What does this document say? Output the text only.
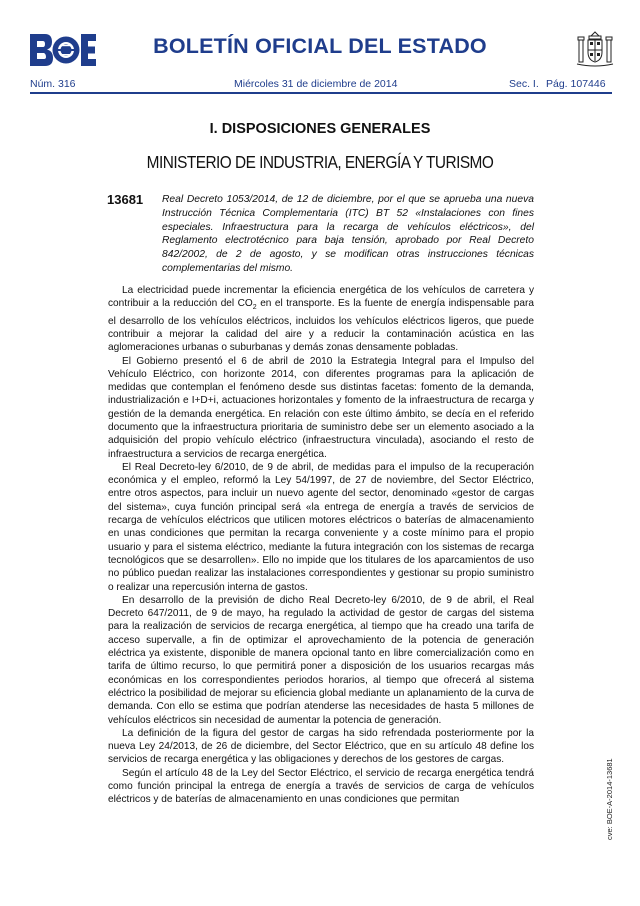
BOLETÍN OFICIAL DEL ESTADO
Núm. 316	Miércoles 31 de diciembre de 2014	Sec. I. Pág. 107446
I. DISPOSICIONES GENERALES
MINISTERIO DE INDUSTRIA, ENERGÍA Y TURISMO
13681 Real Decreto 1053/2014, de 12 de diciembre, por el que se aprueba una nueva Instrucción Técnica Complementaria (ITC) BT 52 «Instalaciones con fines especiales. Infraestructura para la recarga de vehículos eléctricos», del Reglamento electrotécnico para baja tensión, aprobado por Real Decreto 842/2002, de 2 de agosto, y se modifican otras instrucciones técnicas complementarias del mismo.

La electricidad puede incrementar la eficiencia energética de los vehículos de carretera y contribuir a la reducción del $CO_2$ en el transporte. Es la fuente de energía indispensable para el desarrollo de los vehículos eléctricos, incluidos los vehículos eléctricos ligeros, que puede contribuir a mejorar la calidad del aire y a reducir la contaminación acústica en las aglomeraciones urbanas o suburbanas y demás zonas densamente pobladas.

El Gobierno presentó el 6 de abril de 2010 la Estrategia Integral para el Impulso del Vehículo Eléctrico, con horizonte 2014, con diferentes programas para la aplicación de medidas que contemplan el fenómeno desde sus distintas facetas: fomento de la demanda, industrialización e I+D+i, actuaciones horizontales y fomento de la infraestructura de recarga y gestión de la demanda energética. En relación con este último ámbito, se decía en el referido documento que la infraestructura prioritaria de suministro debe ser un elemento asociado a la adquisición del propio vehículo eléctrico (infraestructura vinculada), asociando el resto de infraestructura a servicios de recarga energética.

El Real Decreto-ley 6/2010, de 9 de abril, de medidas para el impulso de la recuperación económica y el empleo, reformó la Ley 54/1997, de 27 de noviembre, del Sector Eléctrico, entre otros aspectos, para incluir un nuevo agente del sector, denominado «gestor de cargas del sistema», cuya función principal será «la entrega de energía a través de servicios de recarga de vehículos eléctricos que utilicen motores eléctricos o baterías de almacenamiento en unas condiciones que permitan la recarga conveniente y a coste mínimo para el propio usuario y para el sistema eléctrico, mediante la futura integración con los sistemas de recarga tecnológicos que se desarrollen». Ello no impide que los titulares de los aparcamientos de uso no público puedan realizar las instalaciones correspondientes y gestionar su propio suministro o realizar una repercusión interna de gastos.

En desarrollo de la previsión de dicho Real Decreto-ley 6/2010, de 9 de abril, el Real Decreto 647/2011, de 9 de mayo, ha regulado la actividad de gestor de cargas del sistema para la realización de servicios de recarga energética, al tiempo que ha creado una tarifa de acceso supervalle, a fin de optimizar el aprovechamiento de la potencia de generación eléctrica ya existente, disponible de manera opcional tanto en libre comercialización como en tarifa de último recurso, lo que permitirá poner a disposición de los usuarios recargas más económicas en los correspondientes periodos horarios, al tiempo que ofrecerá al sistema eléctrico la posibilidad de mejorar su eficiencia global mediante un aplanamiento de la curva de demanda. Con ello se estima que podrían atenderse las necesidades de hasta 5 millones de vehículos eléctricos sin necesidad de aumentar la potencia de generación.

La definición de la figura del gestor de cargas ha sido refrendada posteriormente por la nueva Ley 24/2013, de 26 de diciembre, del Sector Eléctrico, que en su artículo 48 define los servicios de recarga energética y las obligaciones y derechos de los gestores de cargas.

Según el artículo 48 de la Ley del Sector Eléctrico, el servicio de recarga energética tendrá como función principal la entrega de energía a través de servicios de carga de vehículos eléctricos y de baterías de almacenamiento en unas condiciones que permitan	cve: BOE-A-2014-13681
